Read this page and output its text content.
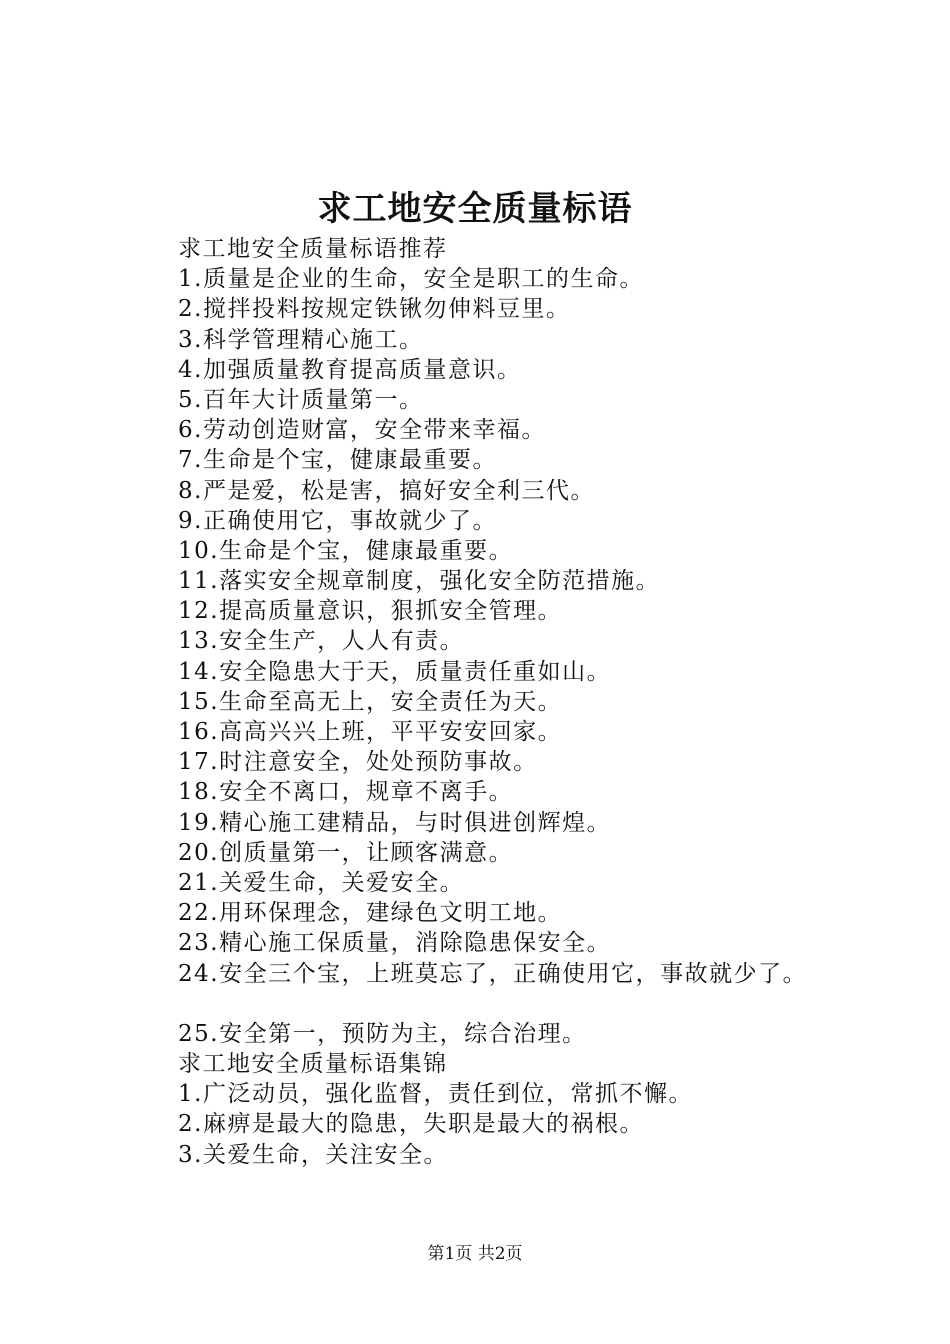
求工地安全质量标语
求工地安全质量标语推荐
1.质量是企业的生命，安全是职工的生命。
2.搅拌投料按规定铁锹勿伸料豆里。
3.科学管理精心施工。
4.加强质量教育提高质量意识。
5.百年大计质量第一。
6.劳动创造财富，安全带来幸福。
7.生命是个宝，健康最重要。
8.严是爱，松是害，搞好安全利三代。
9.正确使用它，事故就少了。
10.生命是个宝，健康最重要。
11.落实安全规章制度，强化安全防范措施。
12.提高质量意识，狠抓安全管理。
13.安全生产，人人有责。
14.安全隐患大于天，质量责任重如山。
15.生命至高无上，安全责任为天。
16.高高兴兴上班，平平安安回家。
17.时注意安全，处处预防事故。
18.安全不离口，规章不离手。
19.精心施工建精品，与时俱进创辉煌。
20.创质量第一，让顾客满意。
21.关爱生命，关爱安全。
22.用环保理念，建绿色文明工地。
23.精心施工保质量，消除隐患保安全。
24.安全三个宝，上班莫忘了，正确使用它，事故就少了。
25.安全第一，预防为主，综合治理。
求工地安全质量标语集锦
1.广泛动员，强化监督，责任到位，常抓不懈。
2.麻痹是最大的隐患，失职是最大的祸根。
3.关爱生命，关注安全。
第1页 共2页
